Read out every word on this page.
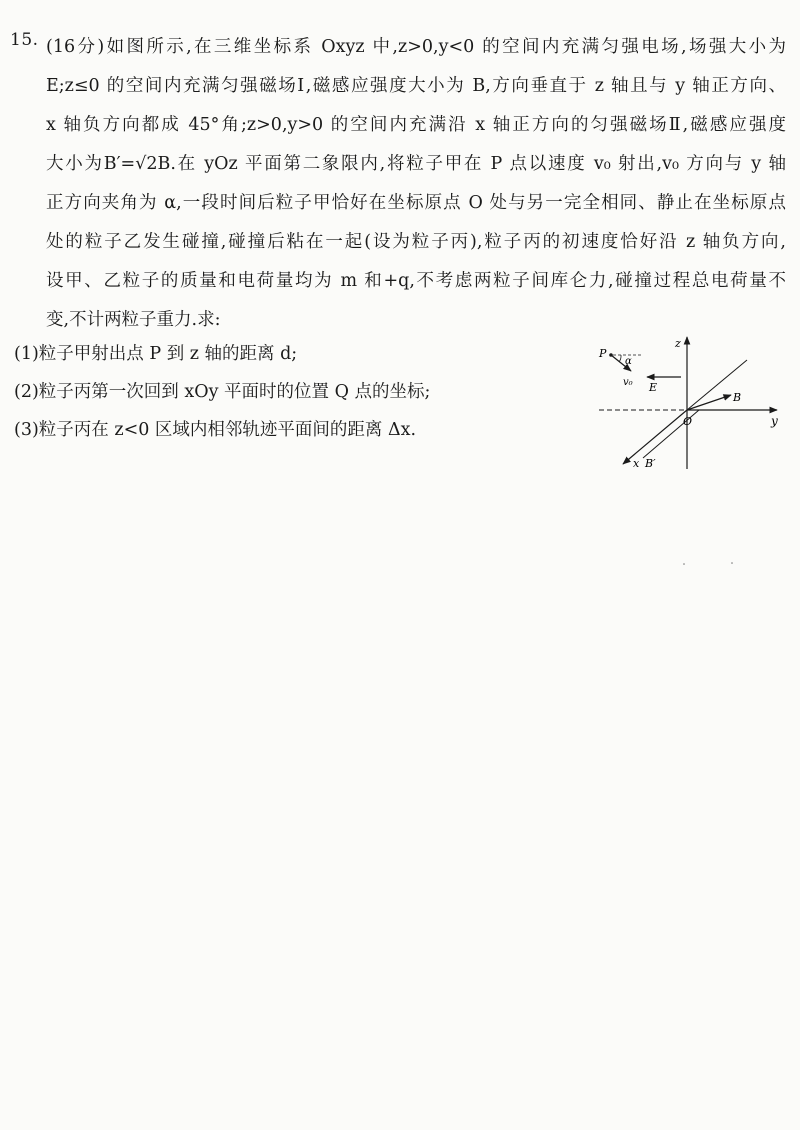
15. (16分)如图所示,在三维坐标系 Oxyz 中,z>0,y<0 的空间内充满匀强电场,场强大小为
E;z≤0 的空间内充满匀强磁场Ⅰ,磁感应强度大小为 B,方向垂直于 z 轴且与 y 轴正方向、
x 轴负方向都成 45°角;z>0,y>0 的空间内充满沿 x 轴正方向的匀强磁场Ⅱ,磁感应强度
大小为B′=√2B.在 yOz 平面第二象限内,将粒子甲在 P 点以速度 v₀ 射出,v₀ 方向与 y 轴
正方向夹角为 α,一段时间后粒子甲恰好在坐标原点 O 处与另一完全相同、静止在坐标原点
处的粒子乙发生碰撞,碰撞后粘在一起(设为粒子丙),粒子丙的初速度恰好沿 z 轴负方向,
设甲、乙粒子的质量和电荷量均为 m 和+q,不考虑两粒子间库仑力,碰撞过程总电荷量不
变,不计两粒子重力.求:
(1)粒子甲射出点 P 到 z 轴的距离 d;
(2)粒子丙第一次回到 xOy 平面时的位置 Q 点的坐标;
(3)粒子丙在 z<0 区域内相邻轨迹平面间的距离 Δx.
z
y
x
O
P
α
v₀ E
B
B′
